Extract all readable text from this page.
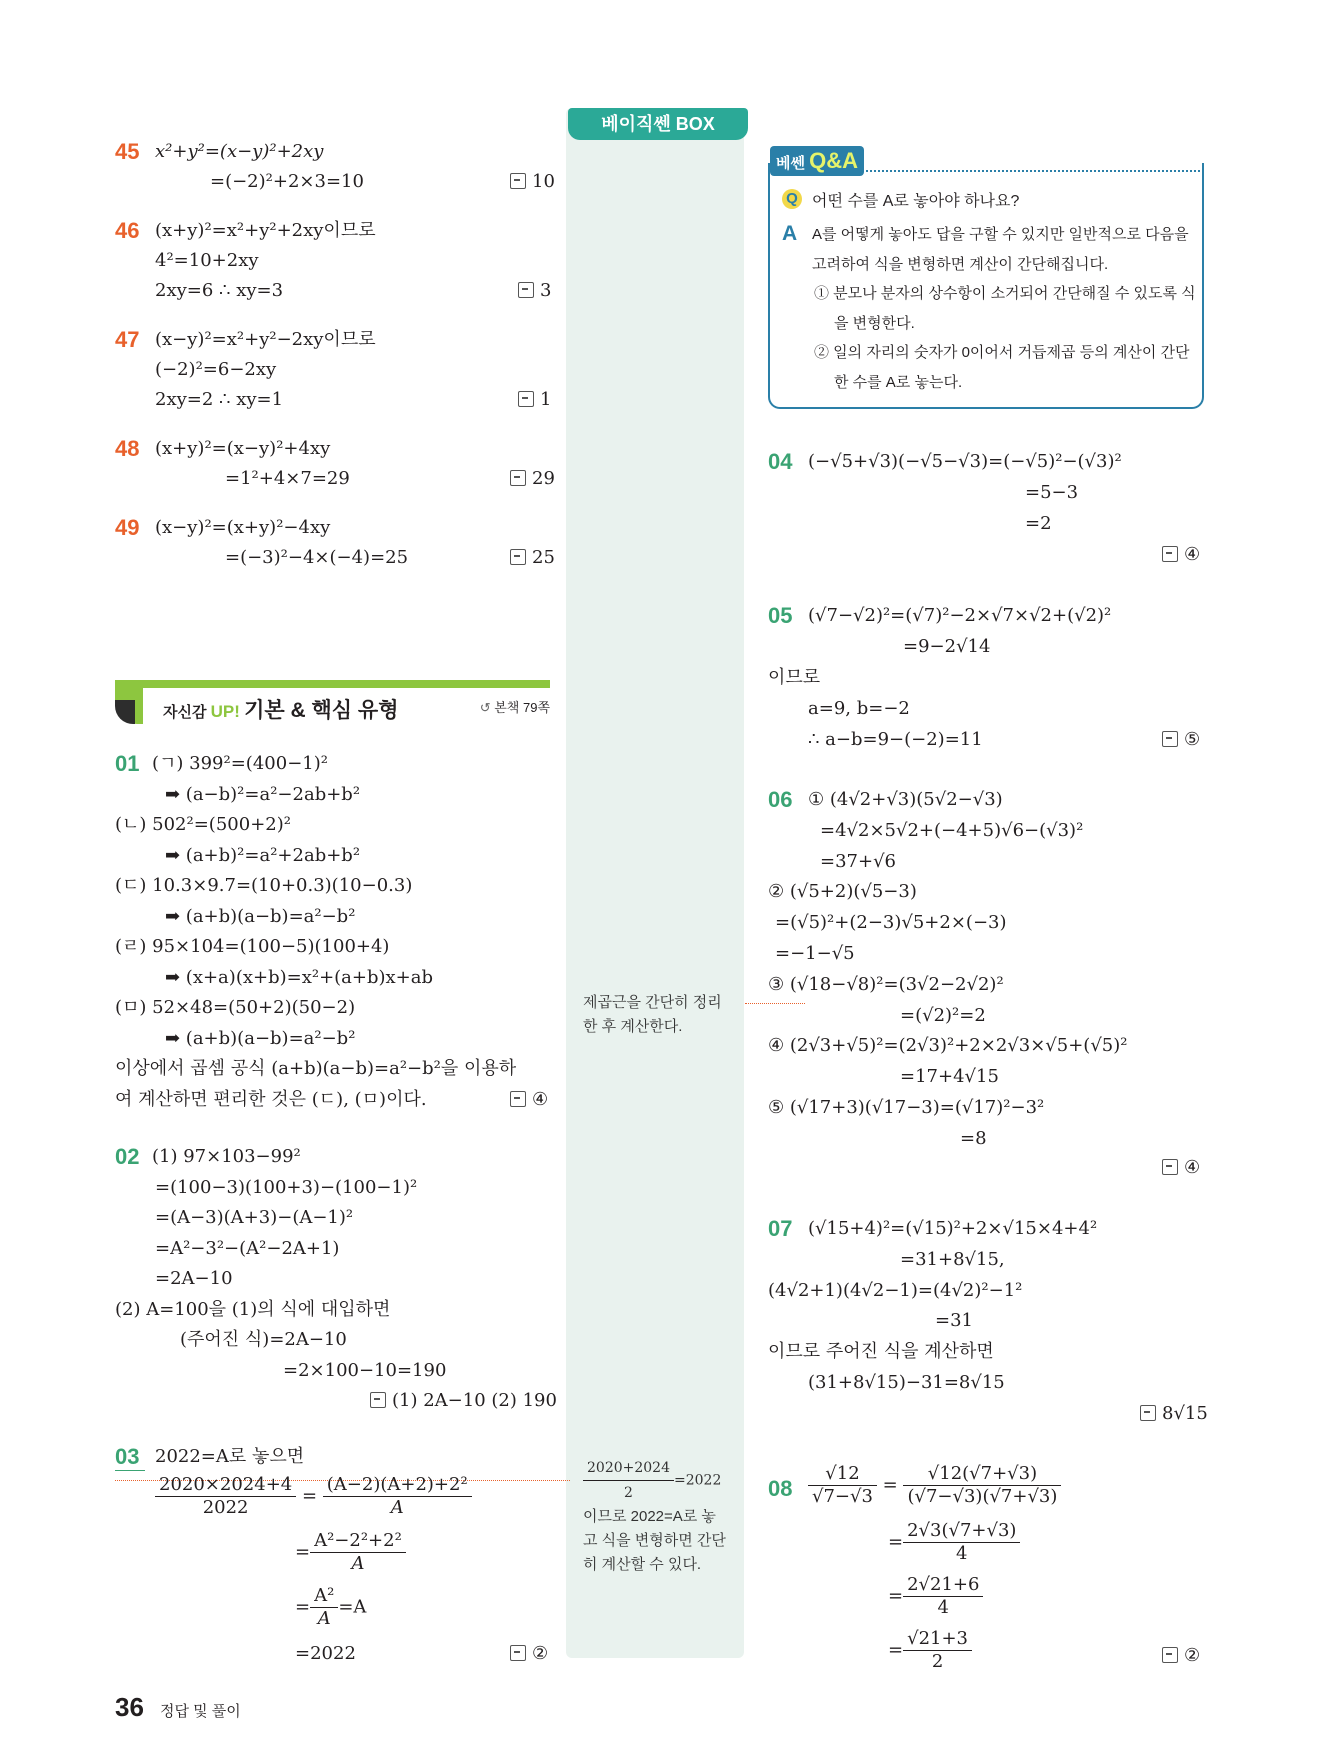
베이직쎈 BOX
제곱근을 간단히 정리
한 후 계산한다.
$\frac{2020+2024}{2} =2022$
이므로 2022=A로 놓
고 식을 변형하면 간단
히 계산할 수 있다.
45 x²+y²=(x−y)²+2xy
=(−2)²+2×3=10	10
46 (x+y)²=x²+y²+2xy이므로
4²=10+2xy
2xy=6 ∴ xy=3	3
47 (x−y)²=x²+y²−2xy이므로
(−2)²=6−2xy
2xy=2 ∴ xy=1	1
48 (x+y)²=(x−y)²+4xy
=1²+4×7=29	29
49 (x−y)²=(x+y)²−4xy
=(−3)²−4×(−4)=25	25
자신감 UP! 기본 & 핵심 유형	↺ 본책 79쪽
01 (ㄱ) 399²=(400−1)²
➡ (a−b)²=a²−2ab+b²
(ㄴ) 502²=(500+2)²
➡ (a+b)²=a²+2ab+b²
(ㄷ) 10.3×9.7=(10+0.3)(10−0.3)
➡ (a+b)(a−b)=a²−b²
(ㄹ) 95×104=(100−5)(100+4)
➡ (x+a)(x+b)=x²+(a+b)x+ab
(ㅁ) 52×48=(50+2)(50−2)
➡ (a+b)(a−b)=a²−b²
이상에서 곱셈 공식 (a+b)(a−b)=a²−b²을 이용하
여 계산하면 편리한 것은 (ㄷ), (ㅁ)이다.	④
02 (1) 97×103−99²
=(100−3)(100+3)−(100−1)²
=(A−3)(A+3)−(A−1)²
=A²−3²−(A²−2A+1)
=2A−10
(2) A=100을 (1)의 식에 대입하면
(주어진 식)=2A−10
=2×100−10=190
(1) 2A−10 (2) 190
03 2022=A로 놓으면
$\frac{2020\times 2024+4}{2022} = \frac{\text{(A−2)(A+2)+2²}}{A}$
= $\frac{\text{A²−2²+2²}}{A}$
= $\frac{\text{A²}}{A} =A$
=2022	②
36 정답 및 풀이
베쎈 Q&A
Q 어떤 수를 A로 놓아야 하나요?
A A를 어떻게 놓아도 답을 구할 수 있지만 일반적으로 다음을
고려하여 식을 변형하면 계산이 간단해집니다.
① 분모나 분자의 상수항이 소거되어 간단해질 수 있도록 식
을 변형한다.
② 일의 자리의 숫자가 0이어서 거듭제곱 등의 계산이 간단
한 수를 A로 놓는다.
04 (−√5+√3)(−√5−√3)=(−√5)²−(√3)²
=5−3
=2
④
05 (√7−√2)²=(√7)²−2×√7×√2+(√2)²
=9−2√14
이므로
a=9, b=−2
∴ a−b=9−(−2)=11	⑤
06 ① (4√2+√3)(5√2−√3)
=4√2×5√2+(−4+5)√6−(√3)²
=37+√6
② (√5+2)(√5−3)
=(√5)²+(2−3)√5+2×(−3)
=−1−√5
③ (√18−√8)²=(3√2−2√2)²
=(√2)²=2
④ (2√3+√5)²=(2√3)²+2×2√3×√5+(√5)²
=17+4√15
⑤ (√17+3)(√17−3)=(√17)²−3²
=8
④
07 (√15+4)²=(√15)²+2×√15×4+4²
=31+8√15,
(4√2+1)(4√2−1)=(4√2)²−1²
=31
이므로 주어진 식을 계산하면
(31+8√15)−31=8√15
8√15
$08 \frac{√12}{√7-√3} = \frac{√12(√7+√3)}{(√7-√3)(√7+√3)}$
= $\frac{2√3(√7+√3)}{4}$
= $\frac{2√21+6}{4}$
= $\frac{√21+3}{2}$	②
